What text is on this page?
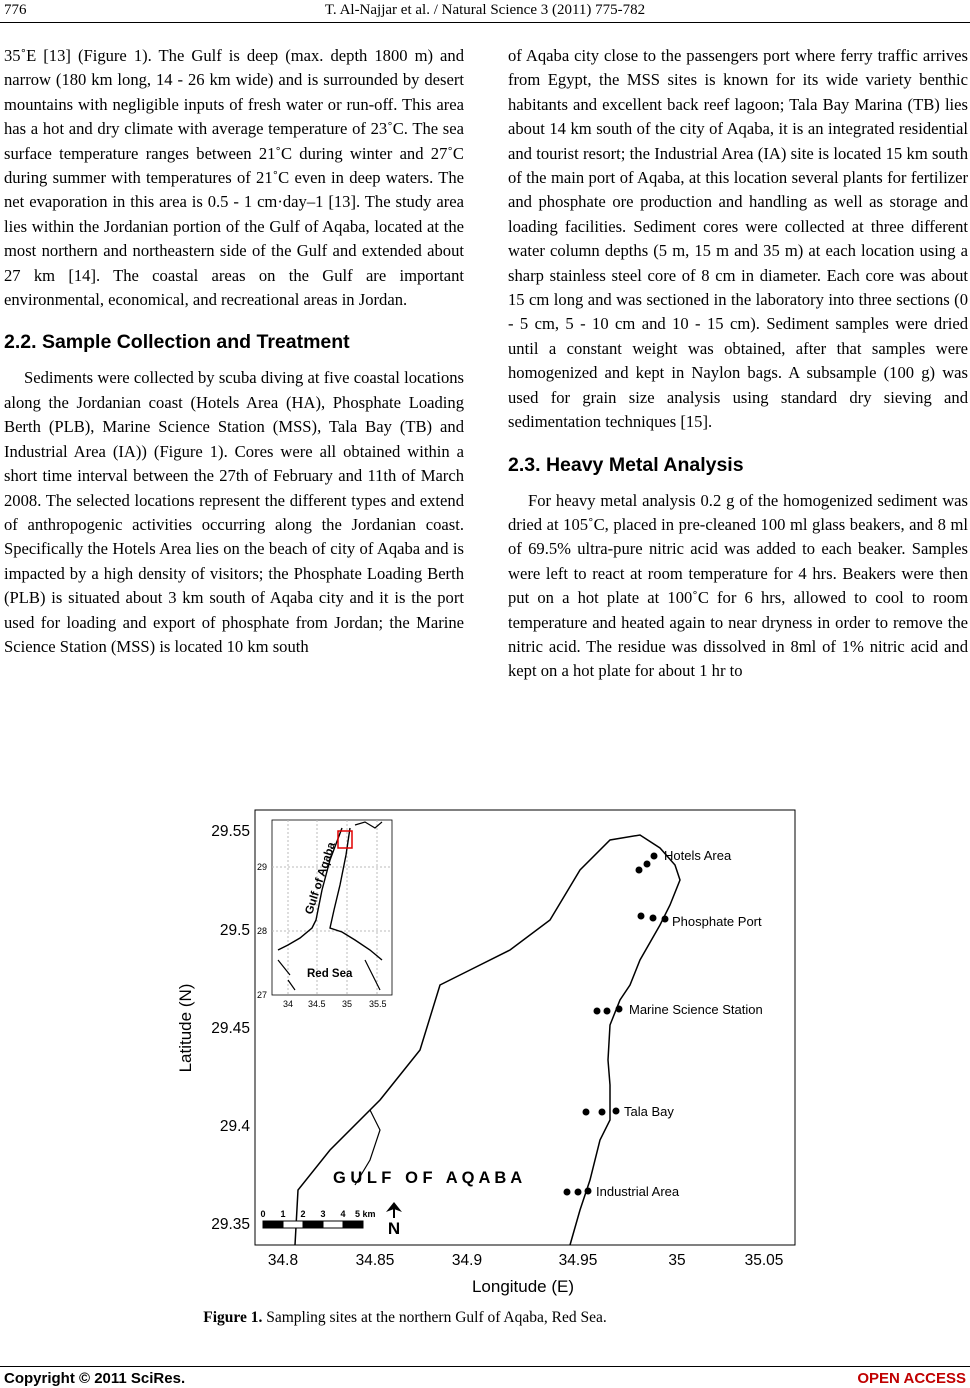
776	T. Al-Najjar et al. / Natural Science 3 (2011) 775-782

35˚E [13] (Figure 1). The Gulf is deep (max. depth 1800 m) and narrow (180 km long, 14 - 26 km wide) and is surrounded by desert mountains with negligible inputs of fresh water or run-off. This area has a hot and dry climate with average temperature of 23˚C. The sea surface temperature ranges between 21˚C during winter and 27˚C during summer with temperatures of 21˚C even in deep waters. The net evaporation in this area is 0.5 - 1 cm·day–1 [13]. The study area lies within the Jordanian portion of the Gulf of Aqaba, located at the most northern and northeastern side of the Gulf and extended about 27 km [14]. The coastal areas on the Gulf are important environmental, economical, and recreational areas in Jordan.

2.2. Sample Collection and Treatment

Sediments were collected by scuba diving at five coastal locations along the Jordanian coast (Hotels Area (HA), Phosphate Loading Berth (PLB), Marine Science Station (MSS), Tala Bay (TB) and Industrial Area (IA)) (Figure 1). Cores were all obtained within a short time interval between the 27th of February and 11th of March 2008. The selected locations represent the different types and extend of anthropogenic activities occurring along the Jordanian coast. Specifically the Hotels Area lies on the beach of city of Aqaba and is impacted by a high density of visitors; the Phosphate Loading Berth (PLB) is situated about 3 km south of Aqaba city and it is the port used for loading and export of phosphate from Jordan; the Marine Science Station (MSS) is located 10 km south

of Aqaba city close to the passengers port where ferry traffic arrives from Egypt, the MSS sites is known for its wide variety benthic habitants and excellent back reef lagoon; Tala Bay Marina (TB) lies about 14 km south of the city of Aqaba, it is an integrated residential and tourist resort; the Industrial Area (IA) site is located 15 km south of the main port of Aqaba, at this location several plants for fertilizer and phosphate ore production and handling as well as storage and loading facilities. Sediment cores were collected at three different water column depths (5 m, 15 m and 35 m) at each location using a sharp stainless steel core of 8 cm in diameter. Each core was about 15 cm long and was sectioned in the laboratory into three sections (0 - 5 cm, 5 - 10 cm and 10 - 15 cm). Sediment samples were dried until a constant weight was obtained, after that samples were homogenized and kept in Naylon bags. A subsample (100 g) was used for grain size analysis using standard dry sieving and sedimentation techniques [15].

2.3. Heavy Metal Analysis

For heavy metal analysis 0.2 g of the homogenized sediment was dried at 105˚C, placed in pre-cleaned 100 ml glass beakers, and 8 ml of 69.5% ultra-pure nitric acid was added to each beaker. Samples were left to react at room temperature for 4 hrs. Beakers were then put on a hot plate at 100˚C for 6 hrs, allowed to cool to room temperature and heated again to near dryness in order to remove the nitric acid. The residue was dissolved in 8ml of 1% nitric acid and kept on a hot plate for about 1 hr to

Gulf of Aqaba
Red Sea
29
28
27
34 34.5 35 35.5
29.55
29.5
29.45
29.4
29.35
34.8	34.85	34.9	34.95	35	35.05
Longitude (E)
Latitude (N)
G U L F   O F   A Q A B A
Hotels Area
Phosphate Port
Marine Science Station
Tala Bay
Industrial Area
0 1 2 3 4 5 km
N
Figure 1. Sampling sites at the northern Gulf of Aqaba, Red Sea.
Copyright © 2011 SciRes.	OPEN ACCESS
